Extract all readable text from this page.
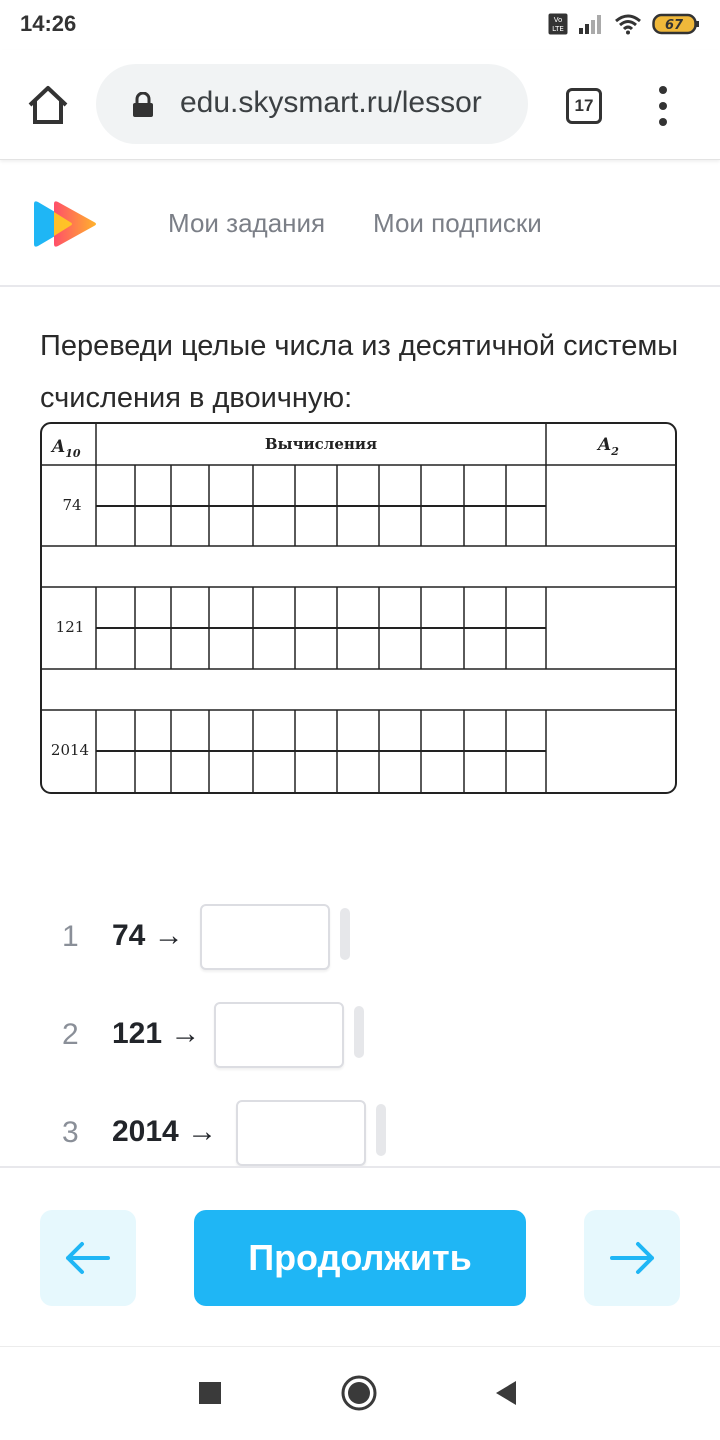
14:26	Vo
LTE	67
edu.skysmart.ru/lessor	17
Мои задания Мои подписки
Переведи целые числа из десятичной системы счисления в двоичную:
$A_{10}$
Вычисления	$A_2$
74
121
2014
1 74 →
2 121 →
3 2014 →
Продолжить
